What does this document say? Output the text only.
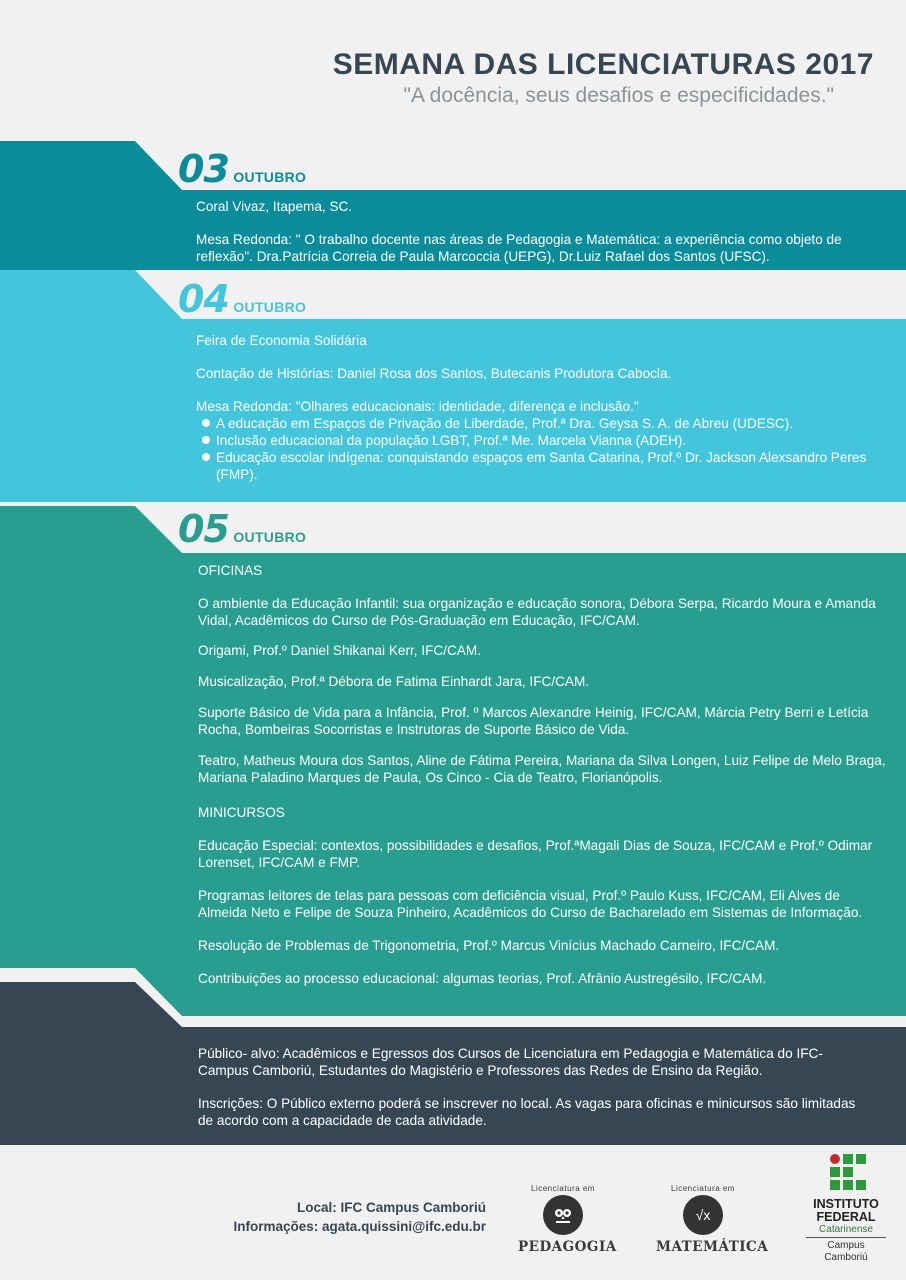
SEMANA DAS LICENCIATURAS 2017
"A docência, seus desafios e especificidades."
03 OUTUBRO

Coral Vivaz, Itapema, SC.

Mesa Redonda: " O trabalho docente nas áreas de Pedagogia e Matemática: a experiência como objeto de reflexão". Dra.Patrícia Correia de Paula Marcoccia (UEPG), Dr.Luiz Rafael dos Santos (UFSC).

04 OUTUBRO

Feira de Economia Solidária

Contação de Histórias: Daniel Rosa dos Santos, Butecanis Produtora Cabocla.

Mesa Redonda: "Olhares educacionais: identidade, diferença e inclusão."

A educação em Espaços de Privação de Liberdade, Prof.ª Dra. Geysa S. A. de Abreu (UDESC).
Inclusão educacional da população LGBT, Prof.ª Me. Marcela Vianna (ADEH).
Educação escolar indígena: conquistando espaços em Santa Catarina, Prof.º Dr. Jackson Alexsandro Peres (FMP).
05 OUTUBRO

OFICINAS

O ambiente da Educação Infantil: sua organização e educação sonora, Débora Serpa, Ricardo Moura e Amanda Vidal, Acadêmicos do Curso de Pós-Graduação em Educação, IFC/CAM.

Origami, Prof.º Daniel Shikanai Kerr, IFC/CAM.

Musicalização, Prof.ª Débora de Fatima Einhardt Jara, IFC/CAM.

Suporte Básico de Vida para a Infância, Prof. º Marcos Alexandre Heinig, IFC/CAM, Márcia Petry Berri e Letícia Rocha, Bombeiras Socorristas e Instrutoras de Suporte Básico de Vida.

Teatro, Matheus Moura dos Santos, Aline de Fátima Pereira, Mariana da Silva Longen, Luiz Felipe de Melo Braga, Mariana Paladino Marques de Paula, Os Cinco - Cia de Teatro, Florianópolis.

MINICURSOS

Educação Especial: contextos, possibilidades e desafios, Prof.ªMagali Dias de Souza, IFC/CAM e Prof.º Odimar Lorenset, IFC/CAM e FMP.

Programas leitores de telas para pessoas com deficiência visual, Prof.º Paulo Kuss, IFC/CAM, Eli Alves de Almeida Neto e Felipe de Souza Pinheiro, Acadêmicos do Curso de Bacharelado em Sistemas de Informação.

Resolução de Problemas de Trigonometria, Prof.º Marcus Vinícius Machado Carneiro, IFC/CAM.

Contribuições ao processo educacional: algumas teorias, Prof. Afrânio Austregésilo, IFC/CAM.

Público- alvo: Acadêmicos e Egressos dos Cursos de Licenciatura em Pedagogia e Matemática do IFC-Campus Camboriú, Estudantes do Magistério e Professores das Redes de Ensino da Região.

Inscrições: O Público externo poderá se inscrever no local. As vagas para oficinas e minicursos são limitadas de acordo com a capacidade de cada atividade.

Local: IFC Campus Camboriú
Informações: agata.quissini@ifc.edu.br
Licenciatura em
PEDAGOGIA
Licenciatura em
√x
MATEMÁTICA
INSTITUTO
FEDERAL
Catarinense
Campus
Camboriú
